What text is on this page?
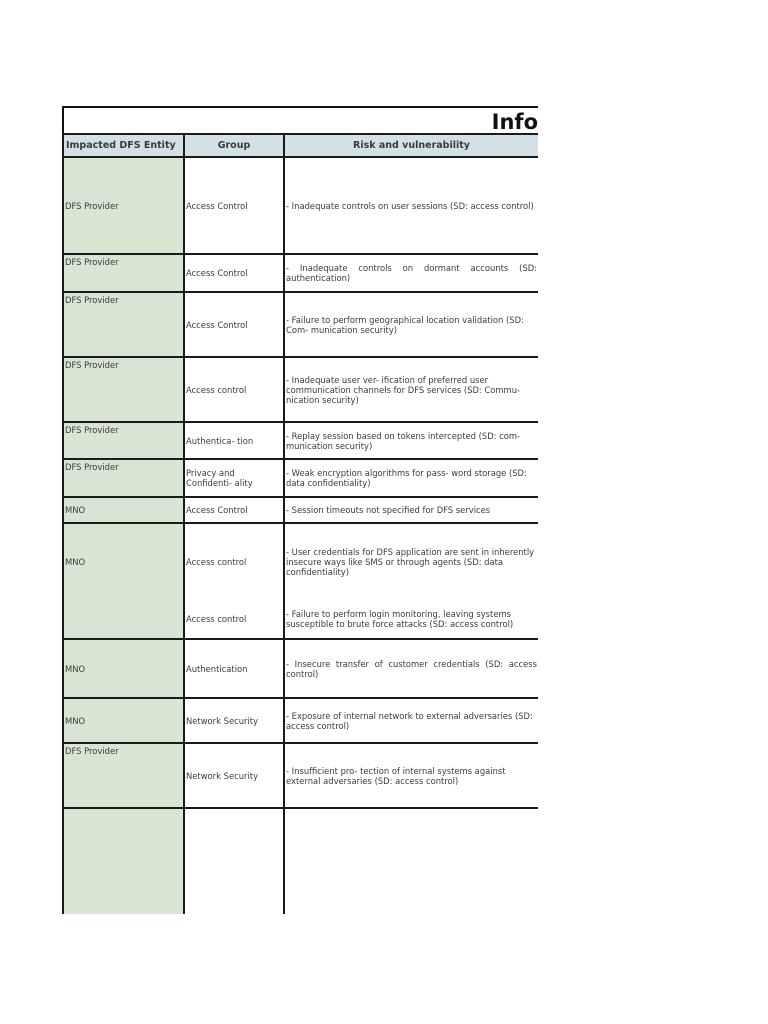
Info
Impacted DFS Entity	Group	Risk and vulnerability
DFS Provider	Access Control	- Inadequate controls on user sessions (SD: access control)
DFS Provider	Access Control	- Inadequate controls on dormant accounts (SD: authentication)
DFS Provider	Access Control	- Failure to perform geographical location validation (SD: Com- munication security)
DFS Provider	Access control	- Inadequate user ver- ification of preferred user communication channels for DFS services (SD: Commu- nication security)
DFS Provider	Authentica- tion	- Replay session based on tokens intercepted (SD: com- munication security)
DFS Provider	Privacy and Confidenti- ality	- Weak encryption algorithms for pass- word storage (SD: data confidentiality)
MNO	Access Control	- Session timeouts not specified for DFS services
MNO	Access control	- User credentials for DFS application are sent in inherently insecure ways like SMS or through agents (SD: data confidentiality)
	Access control	- Failure to perform login monitoring, leaving systems susceptible to brute force attacks (SD: access control)
MNO	Authentication	- Insecure transfer of customer credentials (SD: access control)
MNO	Network Security	- Exposure of internal network to external adversaries (SD: access control)
DFS Provider	Network Security	- Insufficient pro- tection of internal systems against external adversaries (SD: access control)
